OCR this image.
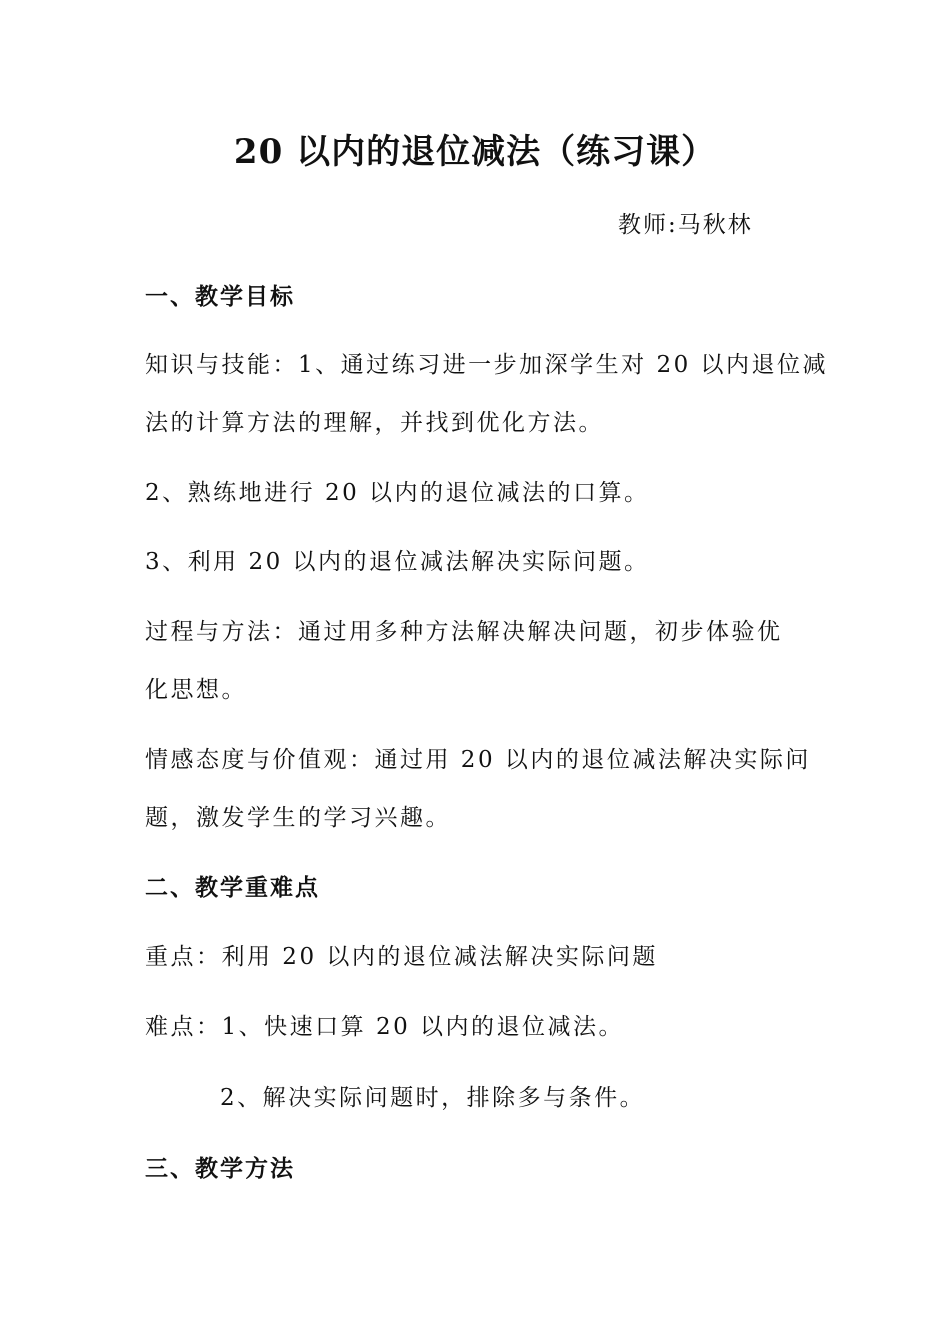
20 以内的退位减法（练习课）
教师:马秋林
一、教学目标
知识与技能：1、通过练习进一步加深学生对 20 以内退位减
法的计算方法的理解，并找到优化方法。
2、熟练地进行 20 以内的退位减法的口算。
3、利用 20 以内的退位减法解决实际问题。
过程与方法：通过用多种方法解决解决问题，初步体验优
化思想。
情感态度与价值观：通过用 20 以内的退位减法解决实际问
题，激发学生的学习兴趣。
二、教学重难点
重点：利用 20 以内的退位减法解决实际问题
难点：1、快速口算 20 以内的退位减法。
2、解决实际问题时，排除多与条件。
三、教学方法
